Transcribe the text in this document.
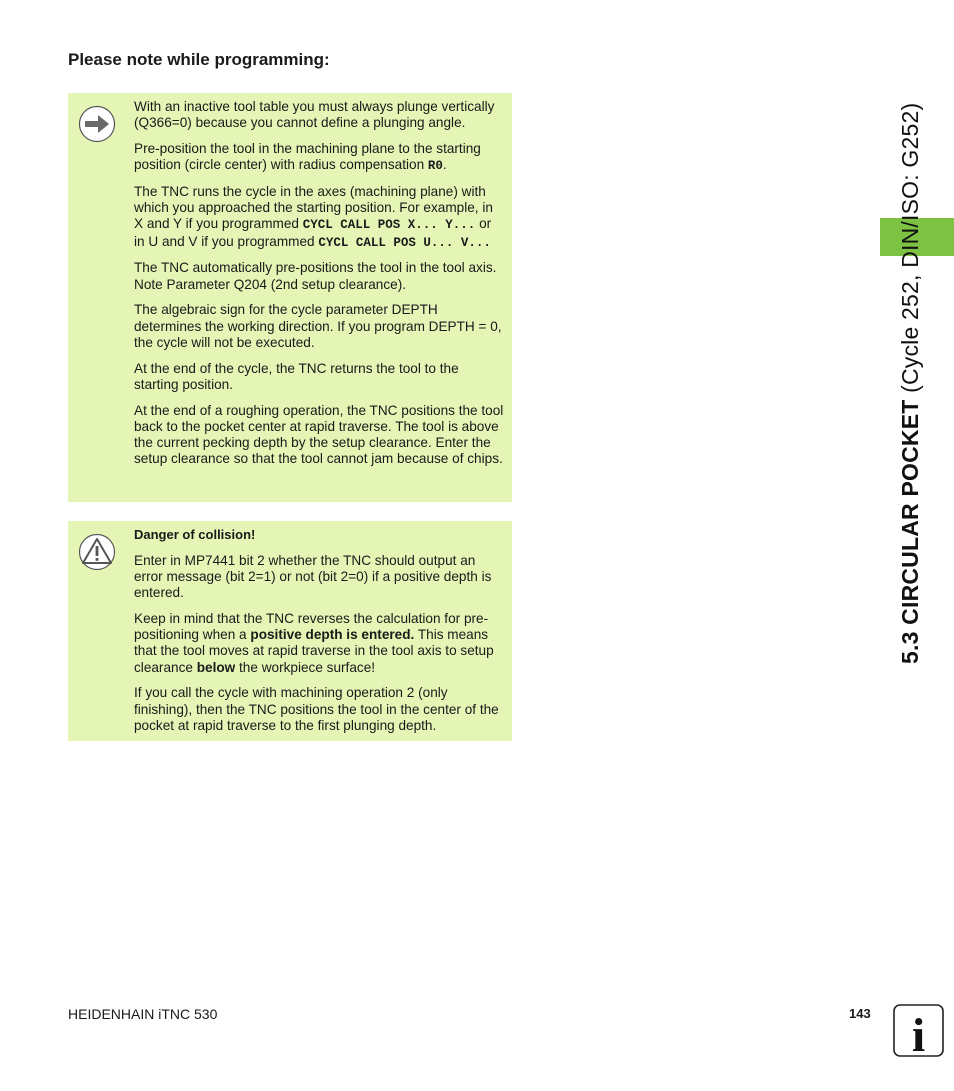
Please note while programming:

With an inactive tool table you must always plunge vertically (Q366=0) because you cannot define a plunging angle.

Pre-position the tool in the machining plane to the starting position (circle center) with radius compensation R0.

The TNC runs the cycle in the axes (machining plane) with which you approached the starting position. For example, in X and Y if you programmed CYCL CALL POS X... Y... or in U and V if you programmed CYCL CALL POS U... V...

The TNC automatically pre-positions the tool in the tool axis. Note Parameter Q204 (2nd setup clearance).

The algebraic sign for the cycle parameter DEPTH determines the working direction. If you program DEPTH = 0, the cycle will not be executed.

At the end of the cycle, the TNC returns the tool to the starting position.

At the end of a roughing operation, the TNC positions the tool back to the pocket center at rapid traverse. The tool is above the current pecking depth by the setup clearance. Enter the setup clearance so that the tool cannot jam because of chips.

Danger of collision!

Enter in MP7441 bit 2 whether the TNC should output an error message (bit 2=1) or not (bit 2=0) if a positive depth is entered.

Keep in mind that the TNC reverses the calculation for pre-positioning when a positive depth is entered. This means that the tool moves at rapid traverse in the tool axis to setup clearance below the workpiece surface!

If you call the cycle with machining operation 2 (only finishing), then the TNC positions the tool in the center of the pocket at rapid traverse to the first plunging depth.

5.3 CIRCULAR POCKET (Cycle 252, DIN/ISO: G252)

HEIDENHAIN iTNC 530	143 i
